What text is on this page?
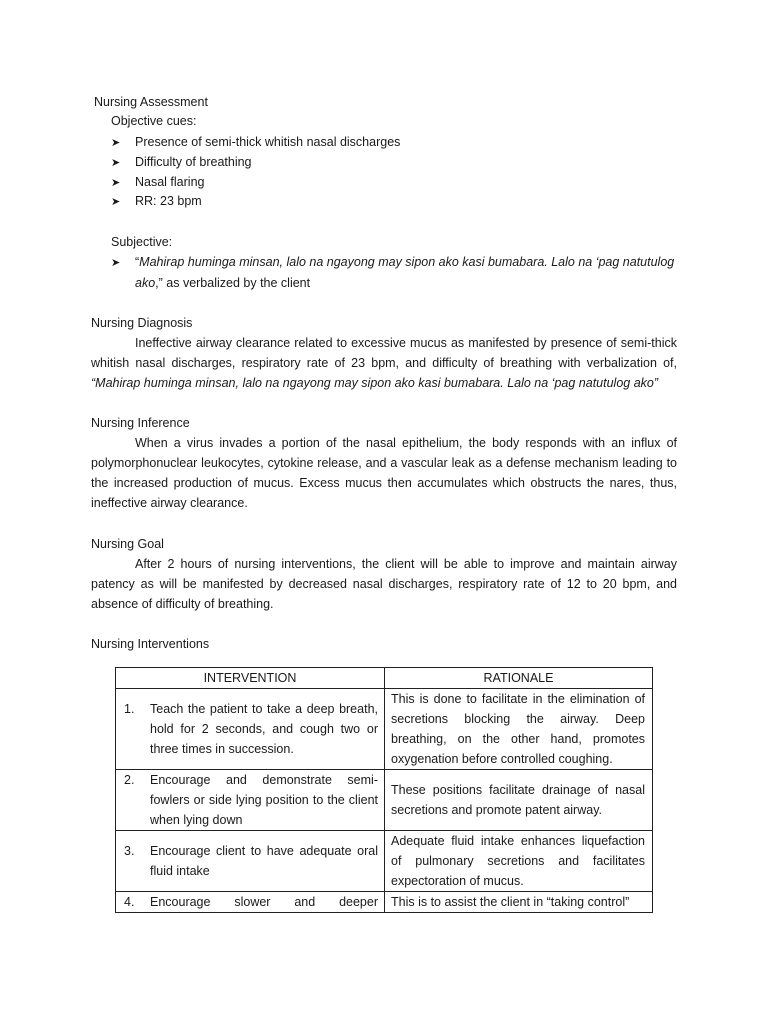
Nursing Assessment
Objective cues:
➤ Presence of semi-thick whitish nasal discharges
➤ Difficulty of breathing
➤ Nasal flaring
➤ RR: 23 bpm
Subjective:
➤ “Mahirap huminga minsan, lalo na ngayong may sipon ako kasi bumabara. Lalo na ‘pag natutulog
ako,” as verbalized by the client
Nursing Diagnosis
Ineffective airway clearance related to excessive mucus as manifested by presence of semi-thick whitish nasal discharges, respiratory rate of 23 bpm, and difficulty of breathing with verbalization of, “Mahirap huminga minsan, lalo na ngayong may sipon ako kasi bumabara. Lalo na ‘pag natutulog ako”
Nursing Inference
When a virus invades a portion of the nasal epithelium, the body responds with an influx of polymorphonuclear leukocytes, cytokine release, and a vascular leak as a defense mechanism leading to the increased production of mucus. Excess mucus then accumulates which obstructs the nares, thus, ineffective airway clearance.
Nursing Goal
After 2 hours of nursing interventions, the client will be able to improve and maintain airway patency as will be manifested by decreased nasal discharges, respiratory rate of 12 to 20 bpm, and absence of difficulty of breathing.
Nursing Interventions
INTERVENTION	RATIONALE

1. Teach the patient to take a deep breath, hold for 2 seconds, and cough two or three times in succession.	This is done to facilitate in the elimination of secretions blocking the airway. Deep breathing, on the other hand, promotes oxygenation before controlled coughing.

2. Encourage and demonstrate semi-fowlers or side lying position to the client when lying down	These positions facilitate drainage of nasal secretions and promote patent airway.

3. Encourage client to have adequate oral fluid intake	Adequate fluid intake enhances liquefaction of pulmonary secretions and facilitates expectoration of mucus.

4. Encourage slower and deeper	This is to assist the client in “taking control”
